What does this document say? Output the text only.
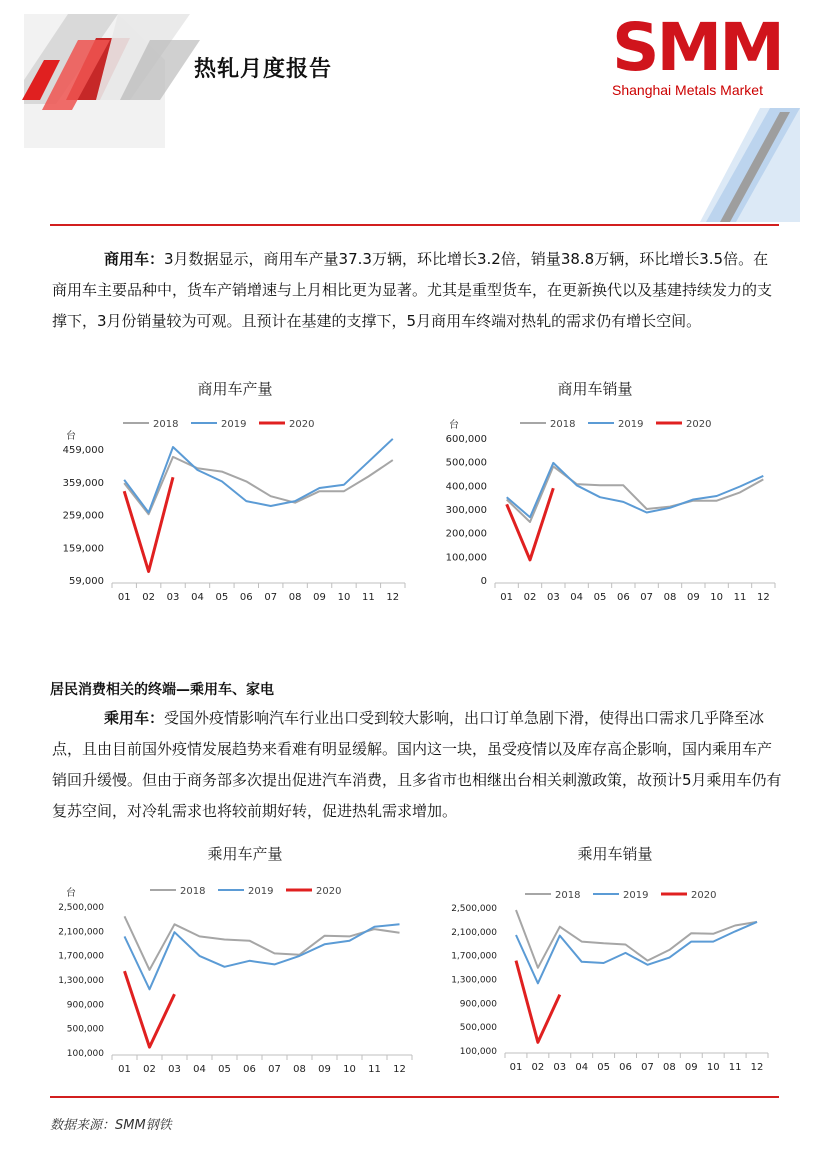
热轧月度报告	SMM
Shanghai Metals Market
商用车：3月数据显示，商用车产量37.3万辆，环比增长3.2倍，销量38.8万辆，环比增长3.5倍。在商用车主要品种中，货车产销增速与上月相比更为显著。尤其是重型货车，在更新换代以及基建持续发力的支撑下，3月份销量较为可观。且预计在基建的支撑下，5月商用车终端对热轧的需求仍有增长空间。
商用车产量	商用车销量
台
459,000
359,000
259,000
159,000
59,000
01 02 03 04 05 06 07 08 09 10 11 12
2018	2019	2020	台
600,000
500,000
400,000
300,000
200,000
100,000
0
01 02 03 04 05 06 07 08 09 10 11 12
2018	2019	2020
居民消费相关的终端—乘用车、家电
乘用车：受国外疫情影响汽车行业出口受到较大影响，出口订单急剧下滑，使得出口需求几乎降至冰点，且由目前国外疫情发展趋势来看难有明显缓解。国内这一块，虽受疫情以及库存高企影响，国内乘用车产销回升缓慢。但由于商务部多次提出促进汽车消费，且多省市也相继出台相关刺激政策，故预计5月乘用车仍有复苏空间，对冷轧需求也将较前期好转，促进热轧需求增加。
乘用车产量	乘用车销量
台
2,500,000
2,100,000
1,700,000
1,300,000
900,000
500,000
100,000
01 02 03 04 05 06 07 08 09 10 11 12
2018	2019	2020
2,500,000
2,100,000
1,700,000
1,300,000
900,000
500,000
100,000
01 02 03 04 05 06 07 08 09 10 11 12
2018	2019	2020
数据来源：SMM钢铁
